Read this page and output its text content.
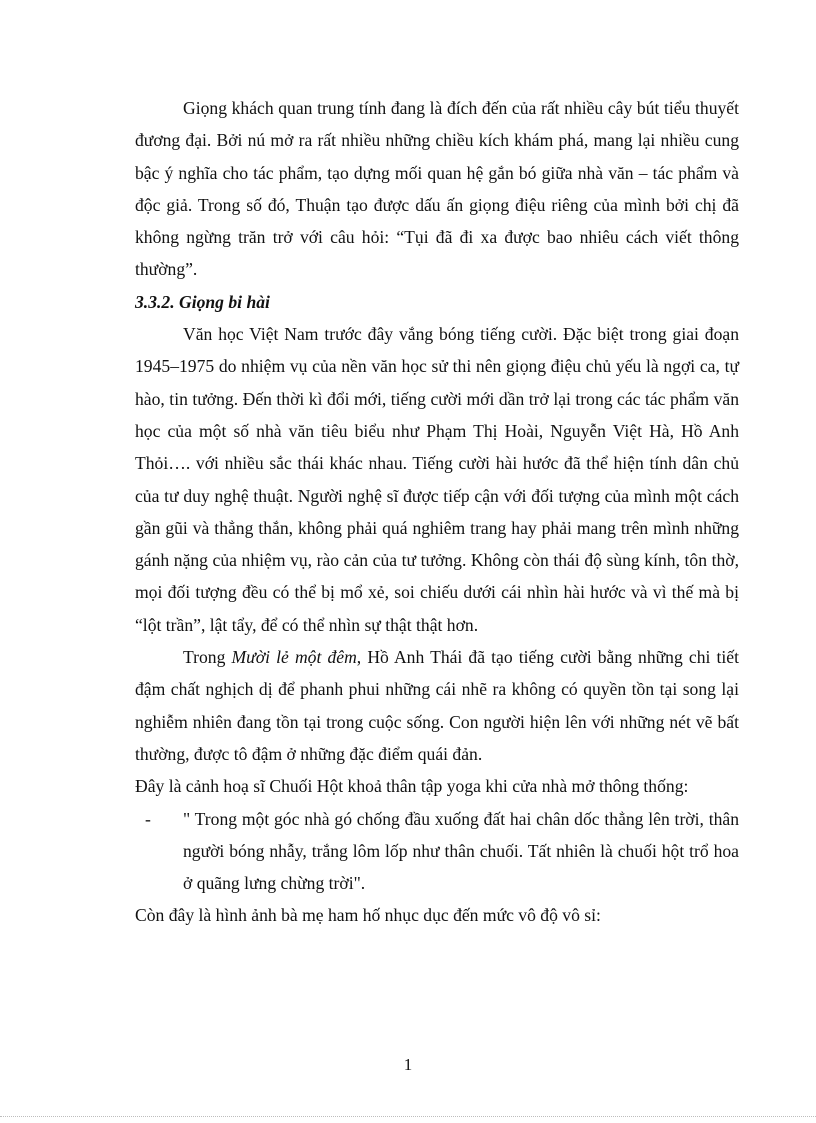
Giọng khách quan trung tính đang là đích đến của rất nhiều cây bút tiểu thuyết đương đại. Bởi nú mở ra rất nhiều những chiều kích khám phá, mang lại nhiều cung bậc ý nghĩa cho tác phẩm, tạo dựng mối quan hệ gắn bó giữa nhà văn – tác phẩm và độc giả. Trong số đó, Thuận tạo được dấu ấn giọng điệu riêng của mình bởi chị đã không ngừng trăn trở với câu hỏi: “Tụi đã đi xa được bao nhiêu cách viết thông thường”.

3.3.2. Giọng bi hài

Văn học Việt Nam trước đây vắng bóng tiếng cười. Đặc biệt trong giai đoạn 1945–1975 do nhiệm vụ của nền văn học sử thi nên giọng điệu chủ yếu là ngợi ca, tự hào, tin tưởng. Đến thời kì đổi mới, tiếng cười mới dần trở lại trong các tác phẩm văn học của một số nhà văn tiêu biểu như Phạm Thị Hoài, Nguyễn Việt Hà, Hồ Anh Thỏi…. với nhiều sắc thái khác nhau. Tiếng cười hài hước đã thể hiện tính dân chủ của tư duy nghệ thuật. Người nghệ sĩ được tiếp cận với đối tượng của mình một cách gần gũi và thẳng thắn, không phải quá nghiêm trang hay phải mang trên mình những gánh nặng của nhiệm vụ, rào cản của tư tưởng. Không còn thái độ sùng kính, tôn thờ, mọi đối tượng đều có thể bị mổ xẻ, soi chiếu dưới cái nhìn hài hước và vì thế mà bị “lột trần”, lật tẩy, để có thể nhìn sự thật thật hơn.

Trong Mười lẻ một đêm, Hồ Anh Thái đã tạo tiếng cười bằng những chi tiết đậm chất nghịch dị để phanh phui những cái nhẽ ra không có quyền tồn tại song lại nghiễm nhiên đang tồn tại trong cuộc sống. Con người hiện lên với những nét vẽ bất thường, được tô đậm ở những đặc điểm quái đản.

Đây là cảnh hoạ sĩ Chuối Hột khoả thân tập yoga khi cửa nhà mở thông thống:

-	" Trong một góc nhà gó chống đầu xuống đất hai chân dốc thẳng lên trời, thân người bóng nhẫy, trắng lôm lốp như thân chuối. Tất nhiên là chuối hột trổ hoa ở quãng lưng chừng trời".

Còn đây là hình ảnh bà mẹ ham hố nhục dục đến mức vô độ vô sỉ:

1
